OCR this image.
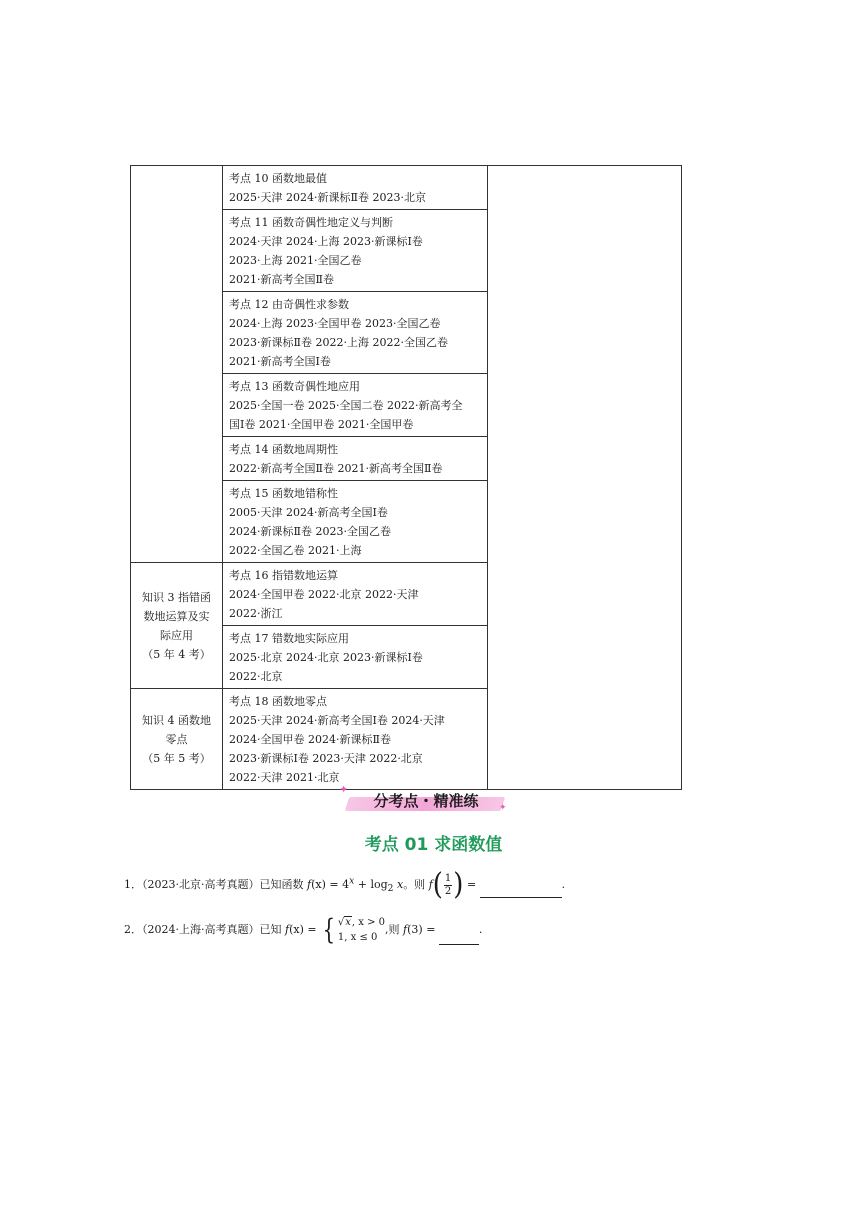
	考点 10 函数地最值
2025·天津 2024·新课标Ⅱ卷 2023·北京	

	考点 11 函数奇偶性地定义与判断
2024·天津 2024·上海 2023·新课标Ⅰ卷
2023·上海 2021·全国乙卷
2021·新高考全国Ⅱ卷	

	考点 12 由奇偶性求参数
2024·上海 2023·全国甲卷 2023·全国乙卷
2023·新课标Ⅱ卷 2022·上海 2022·全国乙卷
2021·新高考全国Ⅰ卷	

	考点 13 函数奇偶性地应用
2025·全国一卷 2025·全国二卷 2022·新高考全
国Ⅰ卷 2021·全国甲卷 2021·全国甲卷	

	考点 14 函数地周期性
2022·新高考全国Ⅱ卷 2021·新高考全国Ⅱ卷	

	考点 15 函数地错称性
2005·天津 2024·新高考全国Ⅰ卷
2024·新课标Ⅱ卷 2023·全国乙卷
2022·全国乙卷 2021·上海	

知识 3 指错函
数地运算及实
际应用
（5 年 4 考）	考点 16 指错数地运算
2024·全国甲卷 2022·北京 2022·天津
2022·浙江	

	考点 17 错数地实际应用
2025·北京 2024·北京 2023·新课标Ⅰ卷
2022·北京	

知识 4 函数地
零点
（5 年 5 考）	考点 18 函数地零点
2025·天津 2024·新高考全国Ⅰ卷 2024·天津
2024·全国甲卷 2024·新课标Ⅱ卷
2023·新课标Ⅰ卷 2023·天津 2022·北京
2022·天津 2021·北京	
✦
✦
分考点・精准练
考点 01 求函数值
1．（2023·北京·高考真题）已知函数 $f(x) = 4^x + \log_2 x$。则 $f( \frac{1}{2}$ ) =	.
2．（2024·上海·高考真题）已知 f(x) = { √x, x > 0
1, x ≤ 0
,则 f(3) =	.
